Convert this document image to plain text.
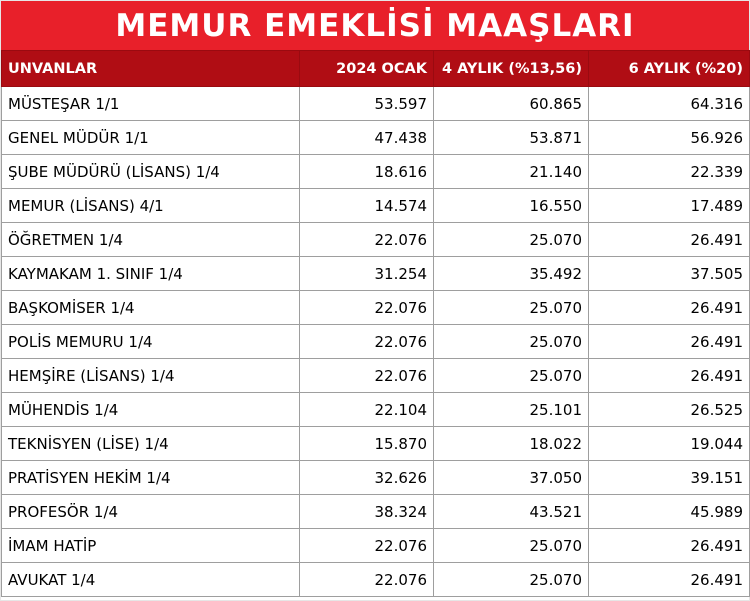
MEMUR EMEKLİSİ MAAŞLARI
UNVANLAR	2024 OCAK	4 AYLIK (%13,56)	6 AYLIK (%20)
MÜSTEŞAR 1/1	53.597	60.865	64.316
GENEL MÜDÜR 1/1	47.438	53.871	56.926
ŞUBE MÜDÜRÜ (LİSANS) 1/4	18.616	21.140	22.339
MEMUR (LİSANS) 4/1	14.574	16.550	17.489
ÖĞRETMEN 1/4	22.076	25.070	26.491
KAYMAKAM 1. SINIF 1/4	31.254	35.492	37.505
BAŞKOMİSER 1/4	22.076	25.070	26.491
POLİS MEMURU 1/4	22.076	25.070	26.491
HEMŞİRE (LİSANS) 1/4	22.076	25.070	26.491
MÜHENDİS 1/4	22.104	25.101	26.525
TEKNİSYEN (LİSE) 1/4	15.870	18.022	19.044
PRATİSYEN HEKİM 1/4	32.626	37.050	39.151
PROFESÖR 1/4	38.324	43.521	45.989
İMAM HATİP	22.076	25.070	26.491
AVUKAT 1/4	22.076	25.070	26.491
